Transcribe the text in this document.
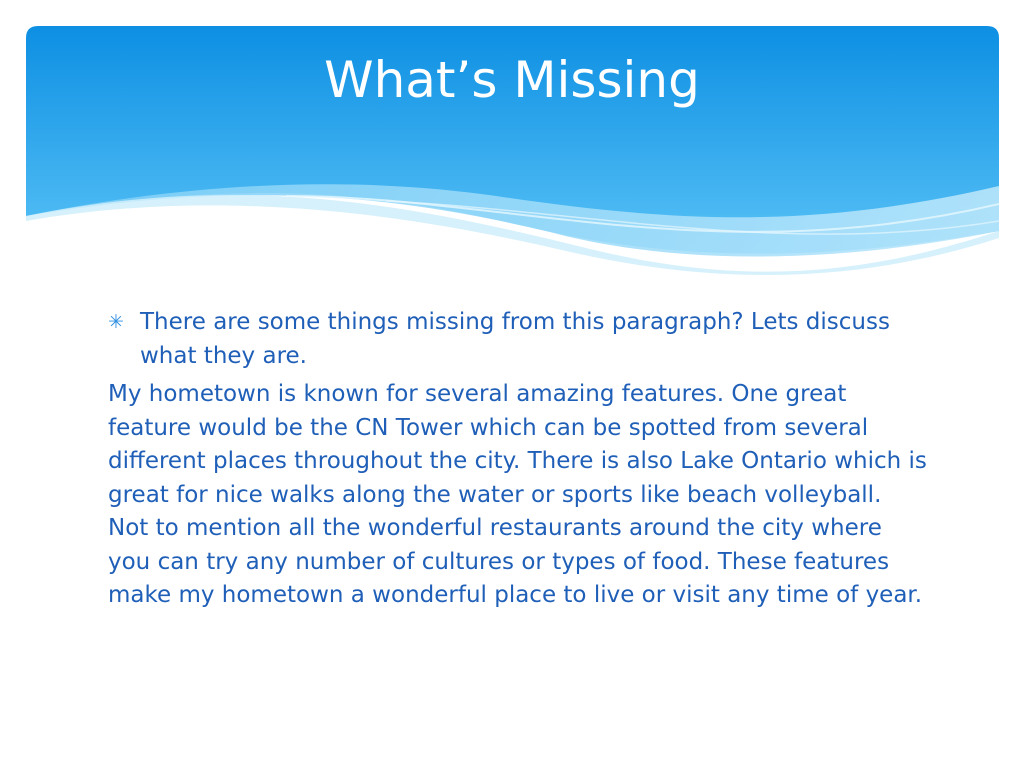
What’s Missing
✳ There are some things missing from this paragraph? Lets discuss what they are.

My hometown is known for several amazing features. One great feature would be the CN Tower which can be spotted from several different places throughout the city. There is also Lake Ontario which is great for nice walks along the water or sports like beach volleyball. Not to mention all the wonderful restaurants around the city where you can try any number of cultures or types of food. These features make my hometown a wonderful place to live or visit any time of year.
